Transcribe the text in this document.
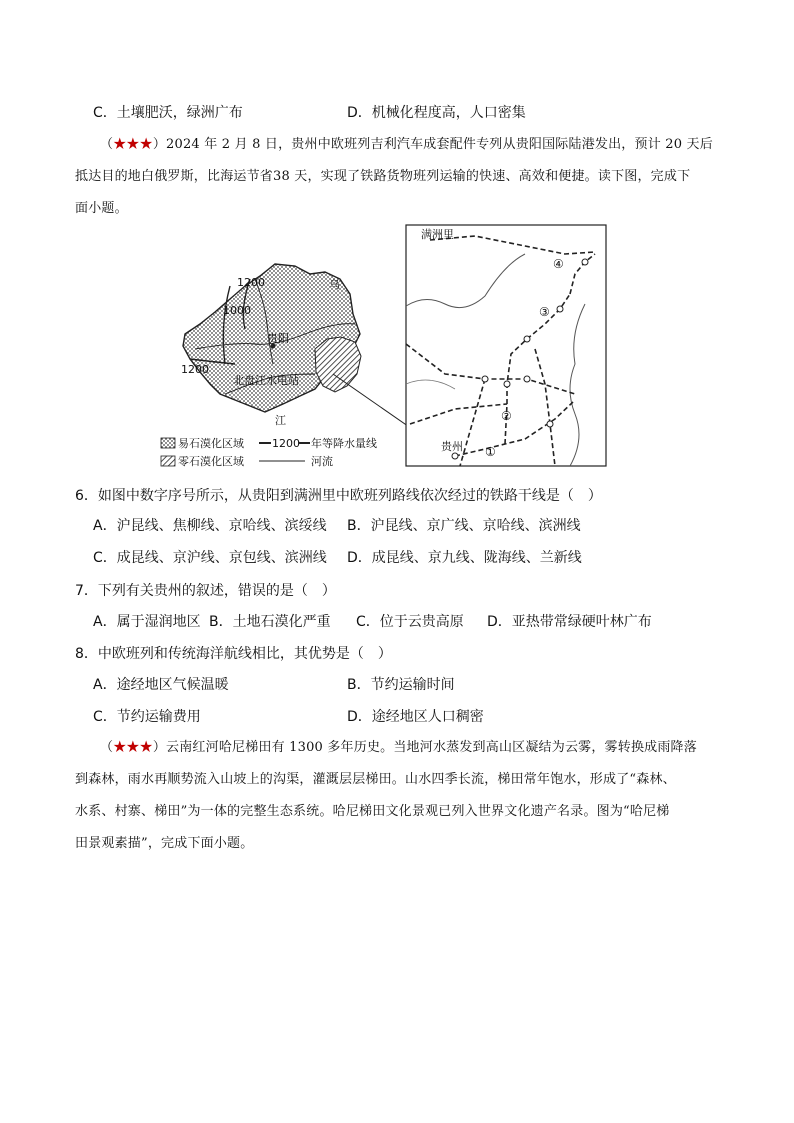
C．土壤肥沃，绿洲广布	D．机械化程度高，人口密集
（★★★）2024 年 2 月 8 日，贵州中欧班列吉利汽车成套配件专列从贵阳国际陆港发出，预计 20 天后
抵达目的地白俄罗斯，比海运节省38 天，实现了铁路货物班列运输的快速、高效和便捷。读下图，完成下
面小题。
1200
1000
1200
乌
贵阳
北盘江水电站
江
易石漠化区域	1200 年等降水量线
零石漠化区域	河流
满洲里
贵州 ①
②
③
④
6．如图中数字序号所示，从贵阳到满洲里中欧班列路线依次经过的铁路干线是（　）
A．沪昆线、焦柳线、京哈线、滨绥线 B．沪昆线、京广线、京哈线、滨洲线
C．成昆线、京沪线、京包线、滨洲线 D．成昆线、京九线、陇海线、兰新线
7．下列有关贵州的叙述，错误的是（　）
A．属于湿润地区 B．土地石漠化严重 C．位于云贵高原 D．亚热带常绿硬叶林广布
8．中欧班列和传统海洋航线相比，其优势是（　）
A．途经地区气候温暖	B．节约运输时间
C．节约运输费用	D．途经地区人口稠密
（★★★）云南红河哈尼梯田有 1300 多年历史。当地河水蒸发到高山区凝结为云雾，雾转换成雨降落
到森林，雨水再顺势流入山坡上的沟渠，灌溉层层梯田。山水四季长流，梯田常年饱水，形成了“森林、
水系、村寨、梯田”为一体的完整生态系统。哈尼梯田文化景观已列入世界文化遗产名录。图为“哈尼梯
田景观素描”，完成下面小题。
